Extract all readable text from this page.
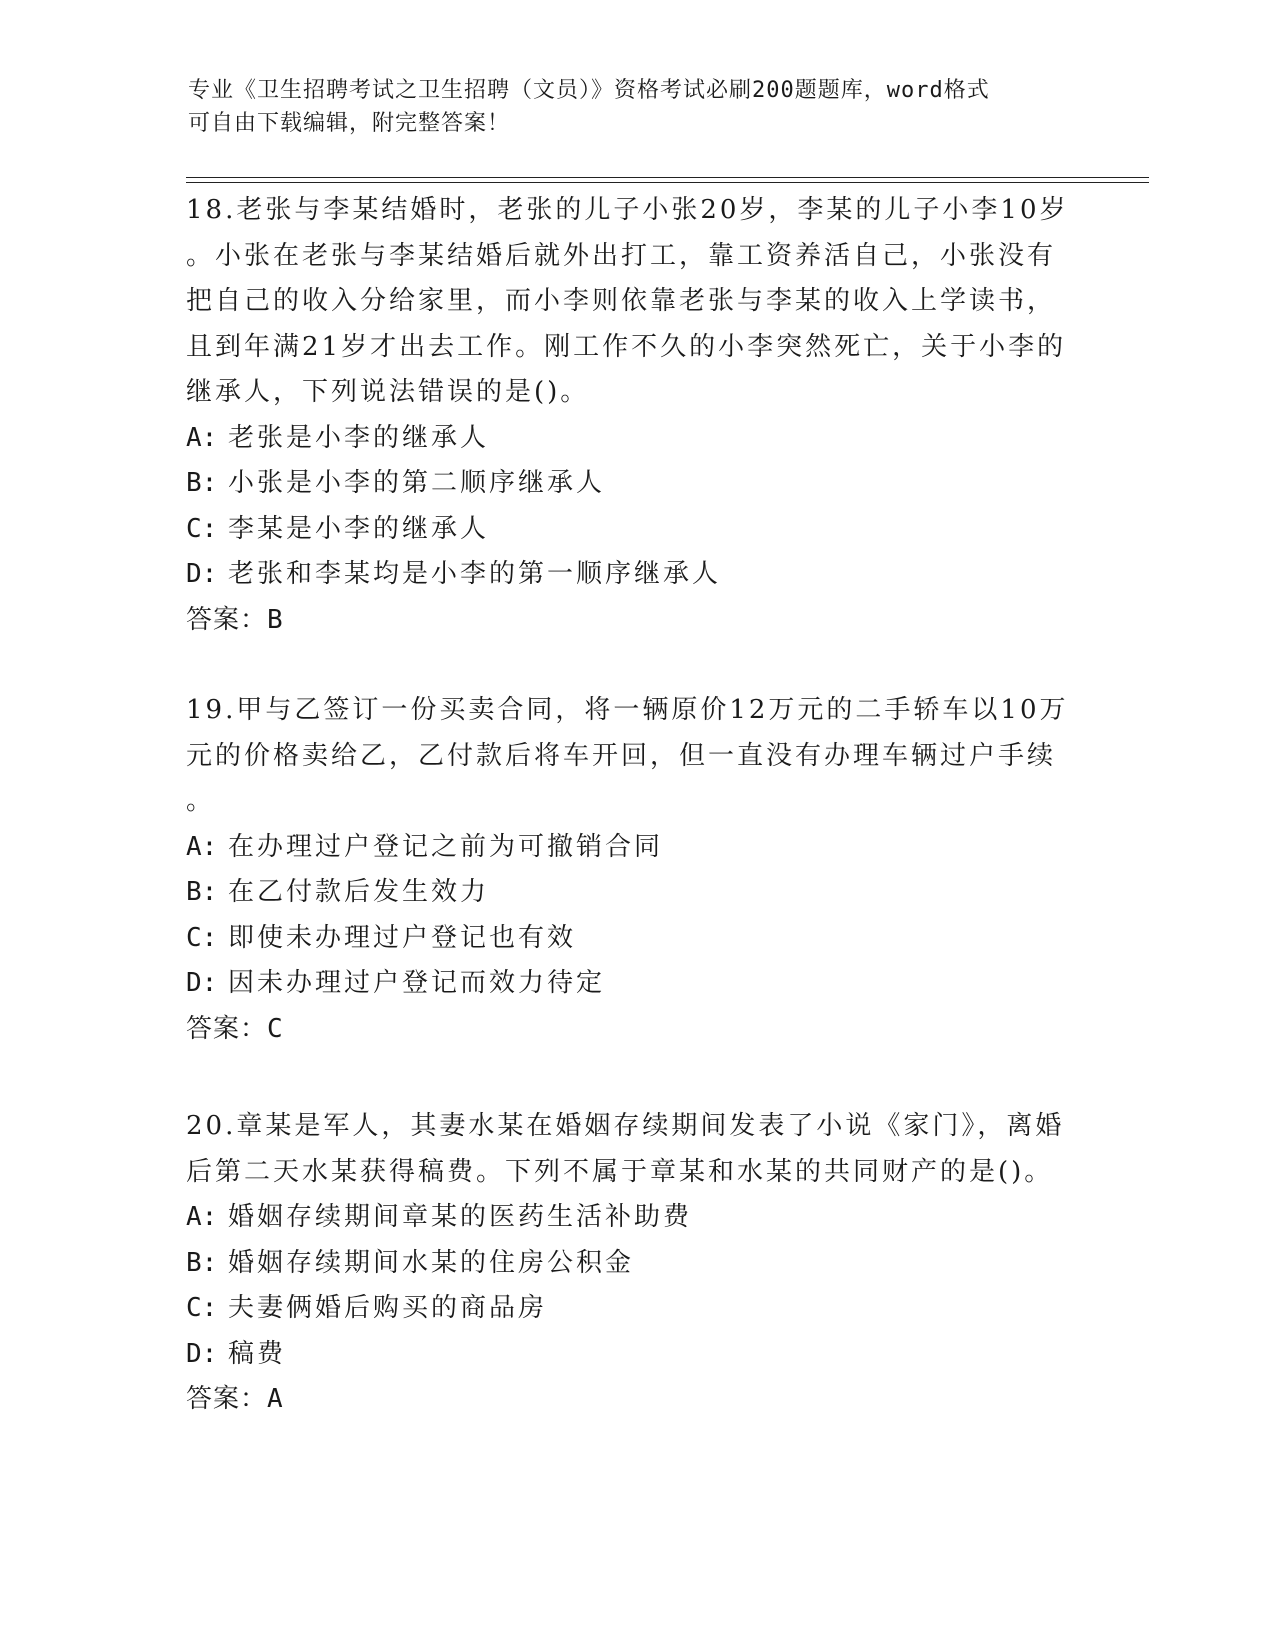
专业《卫生招聘考试之卫生招聘（文员）》资格考试必刷200题题库，word格式

可自由下载编辑，附完整答案！

18.老张与李某结婚时，老张的儿子小张20岁，李某的儿子小李10岁
。小张在老张与李某结婚后就外出打工，靠工资养活自己，小张没有
把自己的收入分给家里，而小李则依靠老张与李某的收入上学读书，
且到年满21岁才出去工作。刚工作不久的小李突然死亡，关于小李的
继承人，下列说法错误的是()。

A: 老张是小李的继承人

B: 小张是小李的第二顺序继承人

C: 李某是小李的继承人

D: 老张和李某均是小李的第一顺序继承人

答案：B

19.甲与乙签订一份买卖合同，将一辆原价12万元的二手轿车以10万
元的价格卖给乙，乙付款后将车开回，但一直没有办理车辆过户手续
。

A: 在办理过户登记之前为可撤销合同

B: 在乙付款后发生效力

C: 即使未办理过户登记也有效

D: 因未办理过户登记而效力待定

答案：C

20.章某是军人，其妻水某在婚姻存续期间发表了小说《家门》，离婚
后第二天水某获得稿费。下列不属于章某和水某的共同财产的是()。

A: 婚姻存续期间章某的医药生活补助费

B: 婚姻存续期间水某的住房公积金

C: 夫妻俩婚后购买的商品房

D: 稿费

答案：A
